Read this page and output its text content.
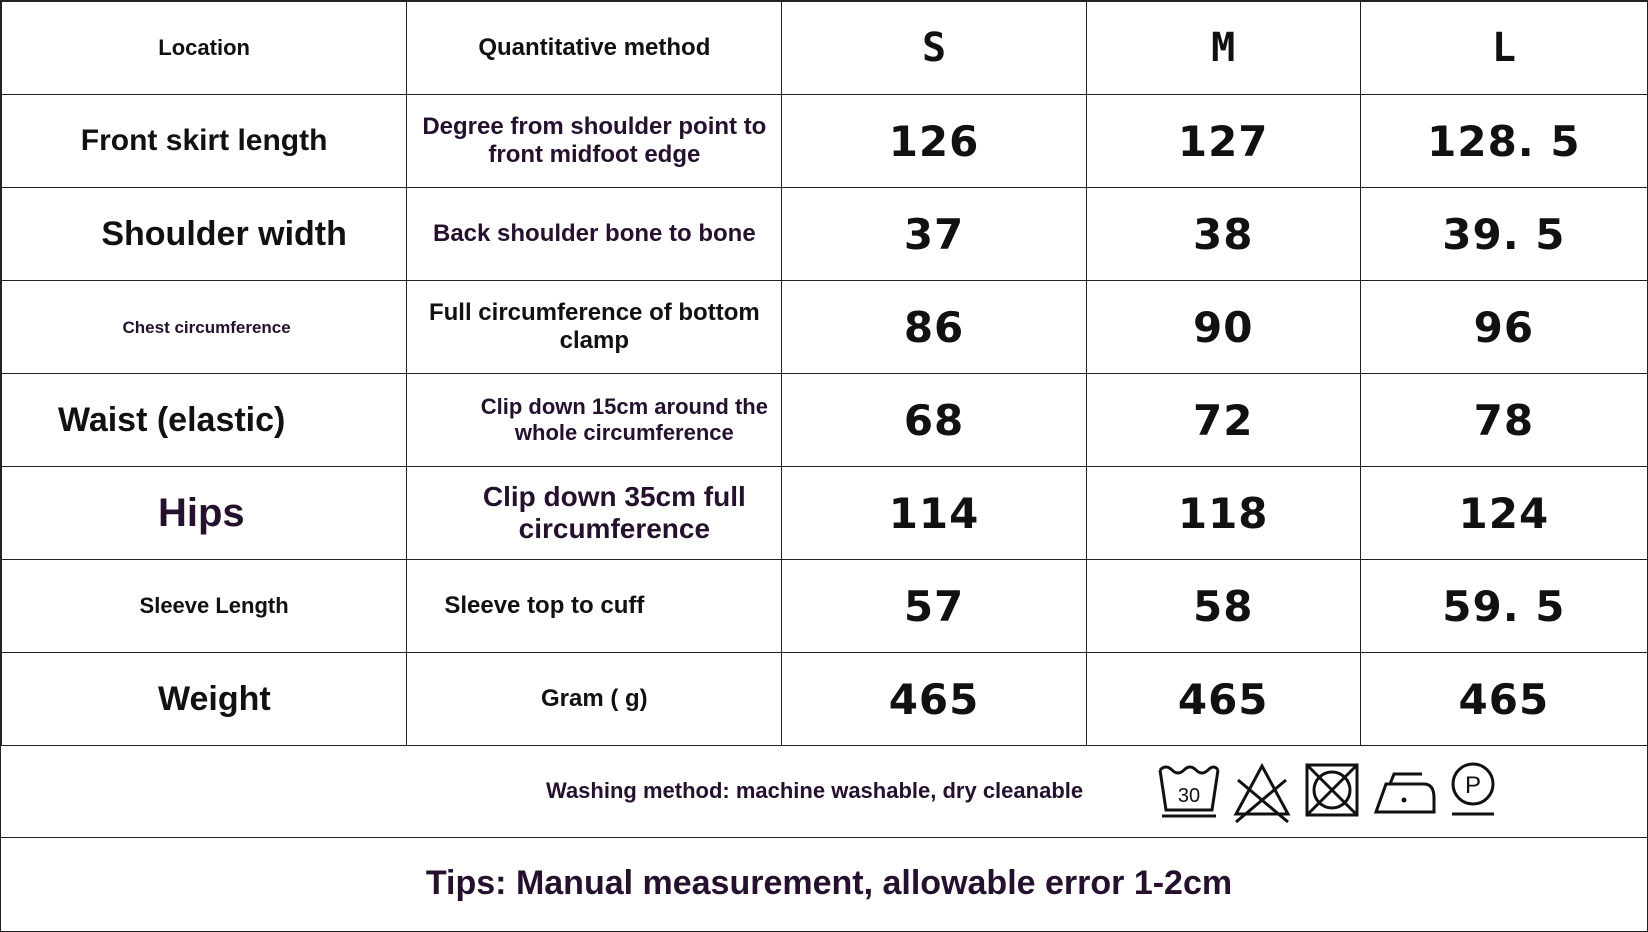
Location	Quantitative method	S	M	L
Front skirt length	Degree from shoulder point to front midfoot edge	126	127	128. 5
Shoulder width	Back shoulder bone to bone	37	38	39. 5
Chest circumference	Full circumference of bottom clamp	86	90	96
Waist (elastic)	Clip down 15cm around the whole circumference	68	72	78
Hips	Clip down 35cm full circumference	114	118	124
Sleeve Length	Sleeve top to cuff	57	58	59. 5
Weight	Gram ( g)	465	465	465
Washing method: machine washable, dry cleanable	30	P
Tips: Manual measurement, allowable error 1-2cm
